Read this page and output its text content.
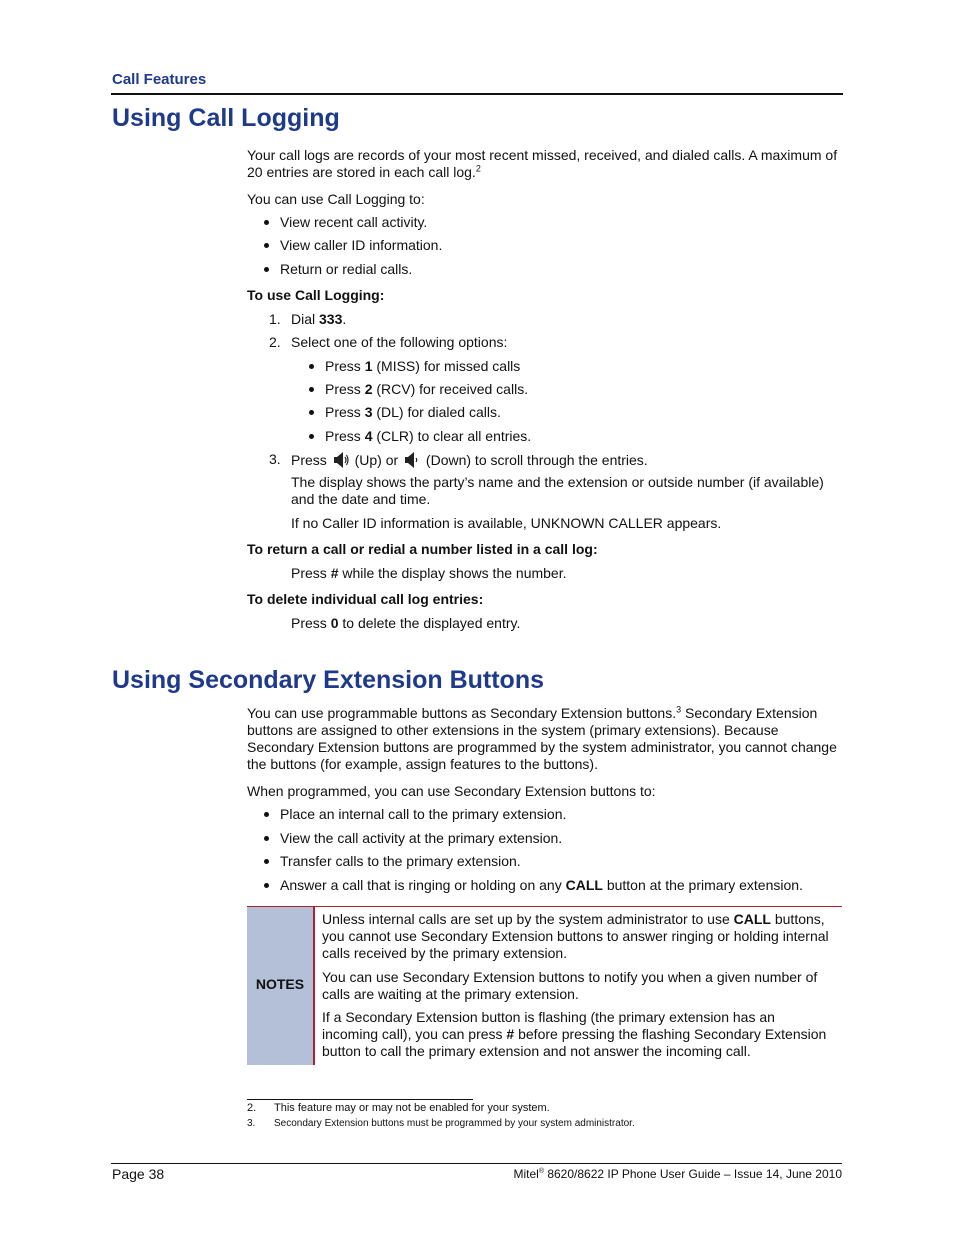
Call Features
Using Call Logging
Your call logs are records of your most recent missed, received, and dialed calls. A maximum of
20 entries are stored in each call log.$^2$
You can use Call Logging to:
View recent call activity.
View caller ID information.
Return or redial calls.
To use Call Logging:
1. Dial 333.
2. Select one of the following options:
Press 1 (MISS) for missed calls
Press 2 (RCV) for received calls.
Press 3 (DL) for dialed calls.
Press 4 (CLR) to clear all entries.
3. Press (Up) or (Down) to scroll through the entries.
The display shows the party’s name and the extension or outside number (if available)
and the date and time.
If no Caller ID information is available, UNKNOWN CALLER appears.
To return a call or redial a number listed in a call log:
Press # while the display shows the number.
To delete individual call log entries:
Press 0 to delete the displayed entry.
Using Secondary Extension Buttons
You can use programmable buttons as Secondary Extension buttons.$^3$ Secondary Extension
buttons are assigned to other extensions in the system (primary extensions). Because
Secondary Extension buttons are programmed by the system administrator, you cannot change
the buttons (for example, assign features to the buttons).
When programmed, you can use Secondary Extension buttons to:
Place an internal call to the primary extension.
View the call activity at the primary extension.
Transfer calls to the primary extension.
Answer a call that is ringing or holding on any CALL button at the primary extension.
NOTES
Unless internal calls are set up by the system administrator to use CALL buttons,
you cannot use Secondary Extension buttons to answer ringing or holding internal
calls received by the primary extension.
You can use Secondary Extension buttons to notify you when a given number of
calls are waiting at the primary extension.
If a Secondary Extension button is flashing (the primary extension has an
incoming call), you can press # before pressing the flashing Secondary Extension
button to call the primary extension and not answer the incoming call.
2. This feature may or may not be enabled for your system.
3. Secondary Extension buttons must be programmed by your system administrator.
Page 38	Mitel® 8620/8622 IP Phone User Guide – Issue 14, June 2010
